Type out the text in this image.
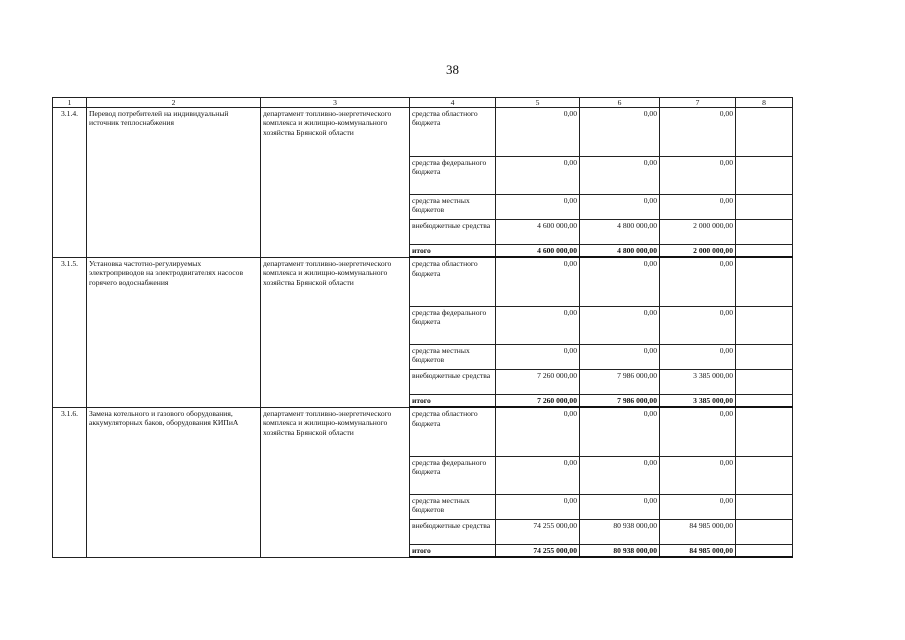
38
1	2	3	4	5	6	7	8
3.1.4.	Перевод потребителей на индивидуальный источник теплоснабжения	департамент топливно-энергетического комплекса и жилищно-коммунального хозяйства Брянской области	средства областного бюджета	0,00	0,00	0,00	
			средства федерального бюджета	0,00	0,00	0,00	
			средства местных бюджетов	0,00	0,00	0,00	
			внебюджетные средства	4 600 000,00	4 800 000,00	2 000 000,00	
			итого	4 600 000,00	4 800 000,00	2 000 000,00	
3.1.5.	Установка частотно-регулируемых электроприводов на электродвигателях насосов горячего водоснабжения	департамент топливно-энергетического комплекса и жилищно-коммунального хозяйства Брянской области	средства областного бюджета	0,00	0,00	0,00	
			средства федерального бюджета	0,00	0,00	0,00	
			средства местных бюджетов	0,00	0,00	0,00	
			внебюджетные средства	7 260 000,00	7 986 000,00	3 385 000,00	
			итого	7 260 000,00	7 986 000,00	3 385 000,00	
3.1.6.	Замена котельного и газового оборудования, аккумуляторных баков, оборудования КИПиА	департамент топливно-энергетического комплекса и жилищно-коммунального хозяйства Брянской области	средства областного бюджета	0,00	0,00	0,00	
			средства федерального бюджета	0,00	0,00	0,00	
			средства местных бюджетов	0,00	0,00	0,00	
			внебюджетные средства	74 255 000,00	80 938 000,00	84 985 000,00	
			итого	74 255 000,00	80 938 000,00	84 985 000,00	
